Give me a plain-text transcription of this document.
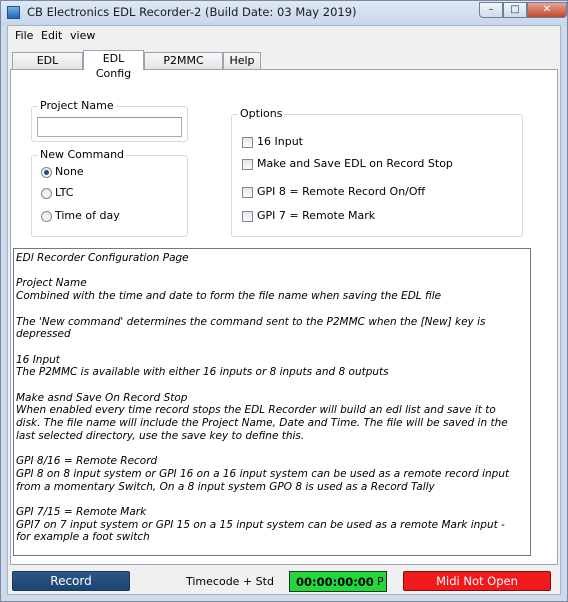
CB Electronics EDL Recorder-2 (Build Date: 03 May 2019)	–	□	✕
File Edit view
EDL	EDL Config
P2MMC	Help
Project Name
New Command
None
LTC
Time of day
Options
16 Input
Make and Save EDL on Record Stop
GPI 8 = Remote Record On/Off
GPI 7 = Remote Mark
EDl Recorder Configuration Page

Project Name
Combined with the time and date to form the file name when saving the EDL file

The 'New command' determines the command sent to the P2MMC when the [New] key is depressed

16 Input
The P2MMC is available with either 16 inputs or 8 inputs and 8 outputs

Make asnd Save On Record Stop
When enabled every time record stops the EDL Recorder will build an edl list and save it to disk. The file name will include the Project Name, Date and Time. The file will be saved in the last selected directory, use the save key to define this.

GPI 8/16 = Remote Record
GPI 8 on 8 input system or GPI 16 on a 16 input system can be used as a remote record input from a momentary Switch, On a 8 input system GPO 8 is used as a Record Tally

GPI 7/15 = Remote Mark
GPI7 on 7 input system or GPI 15 on a 15 input system can be used as a remote Mark input - for example a foot switch
Record	Timecode + Std 00:00:00:00 P	Midi Not Open
